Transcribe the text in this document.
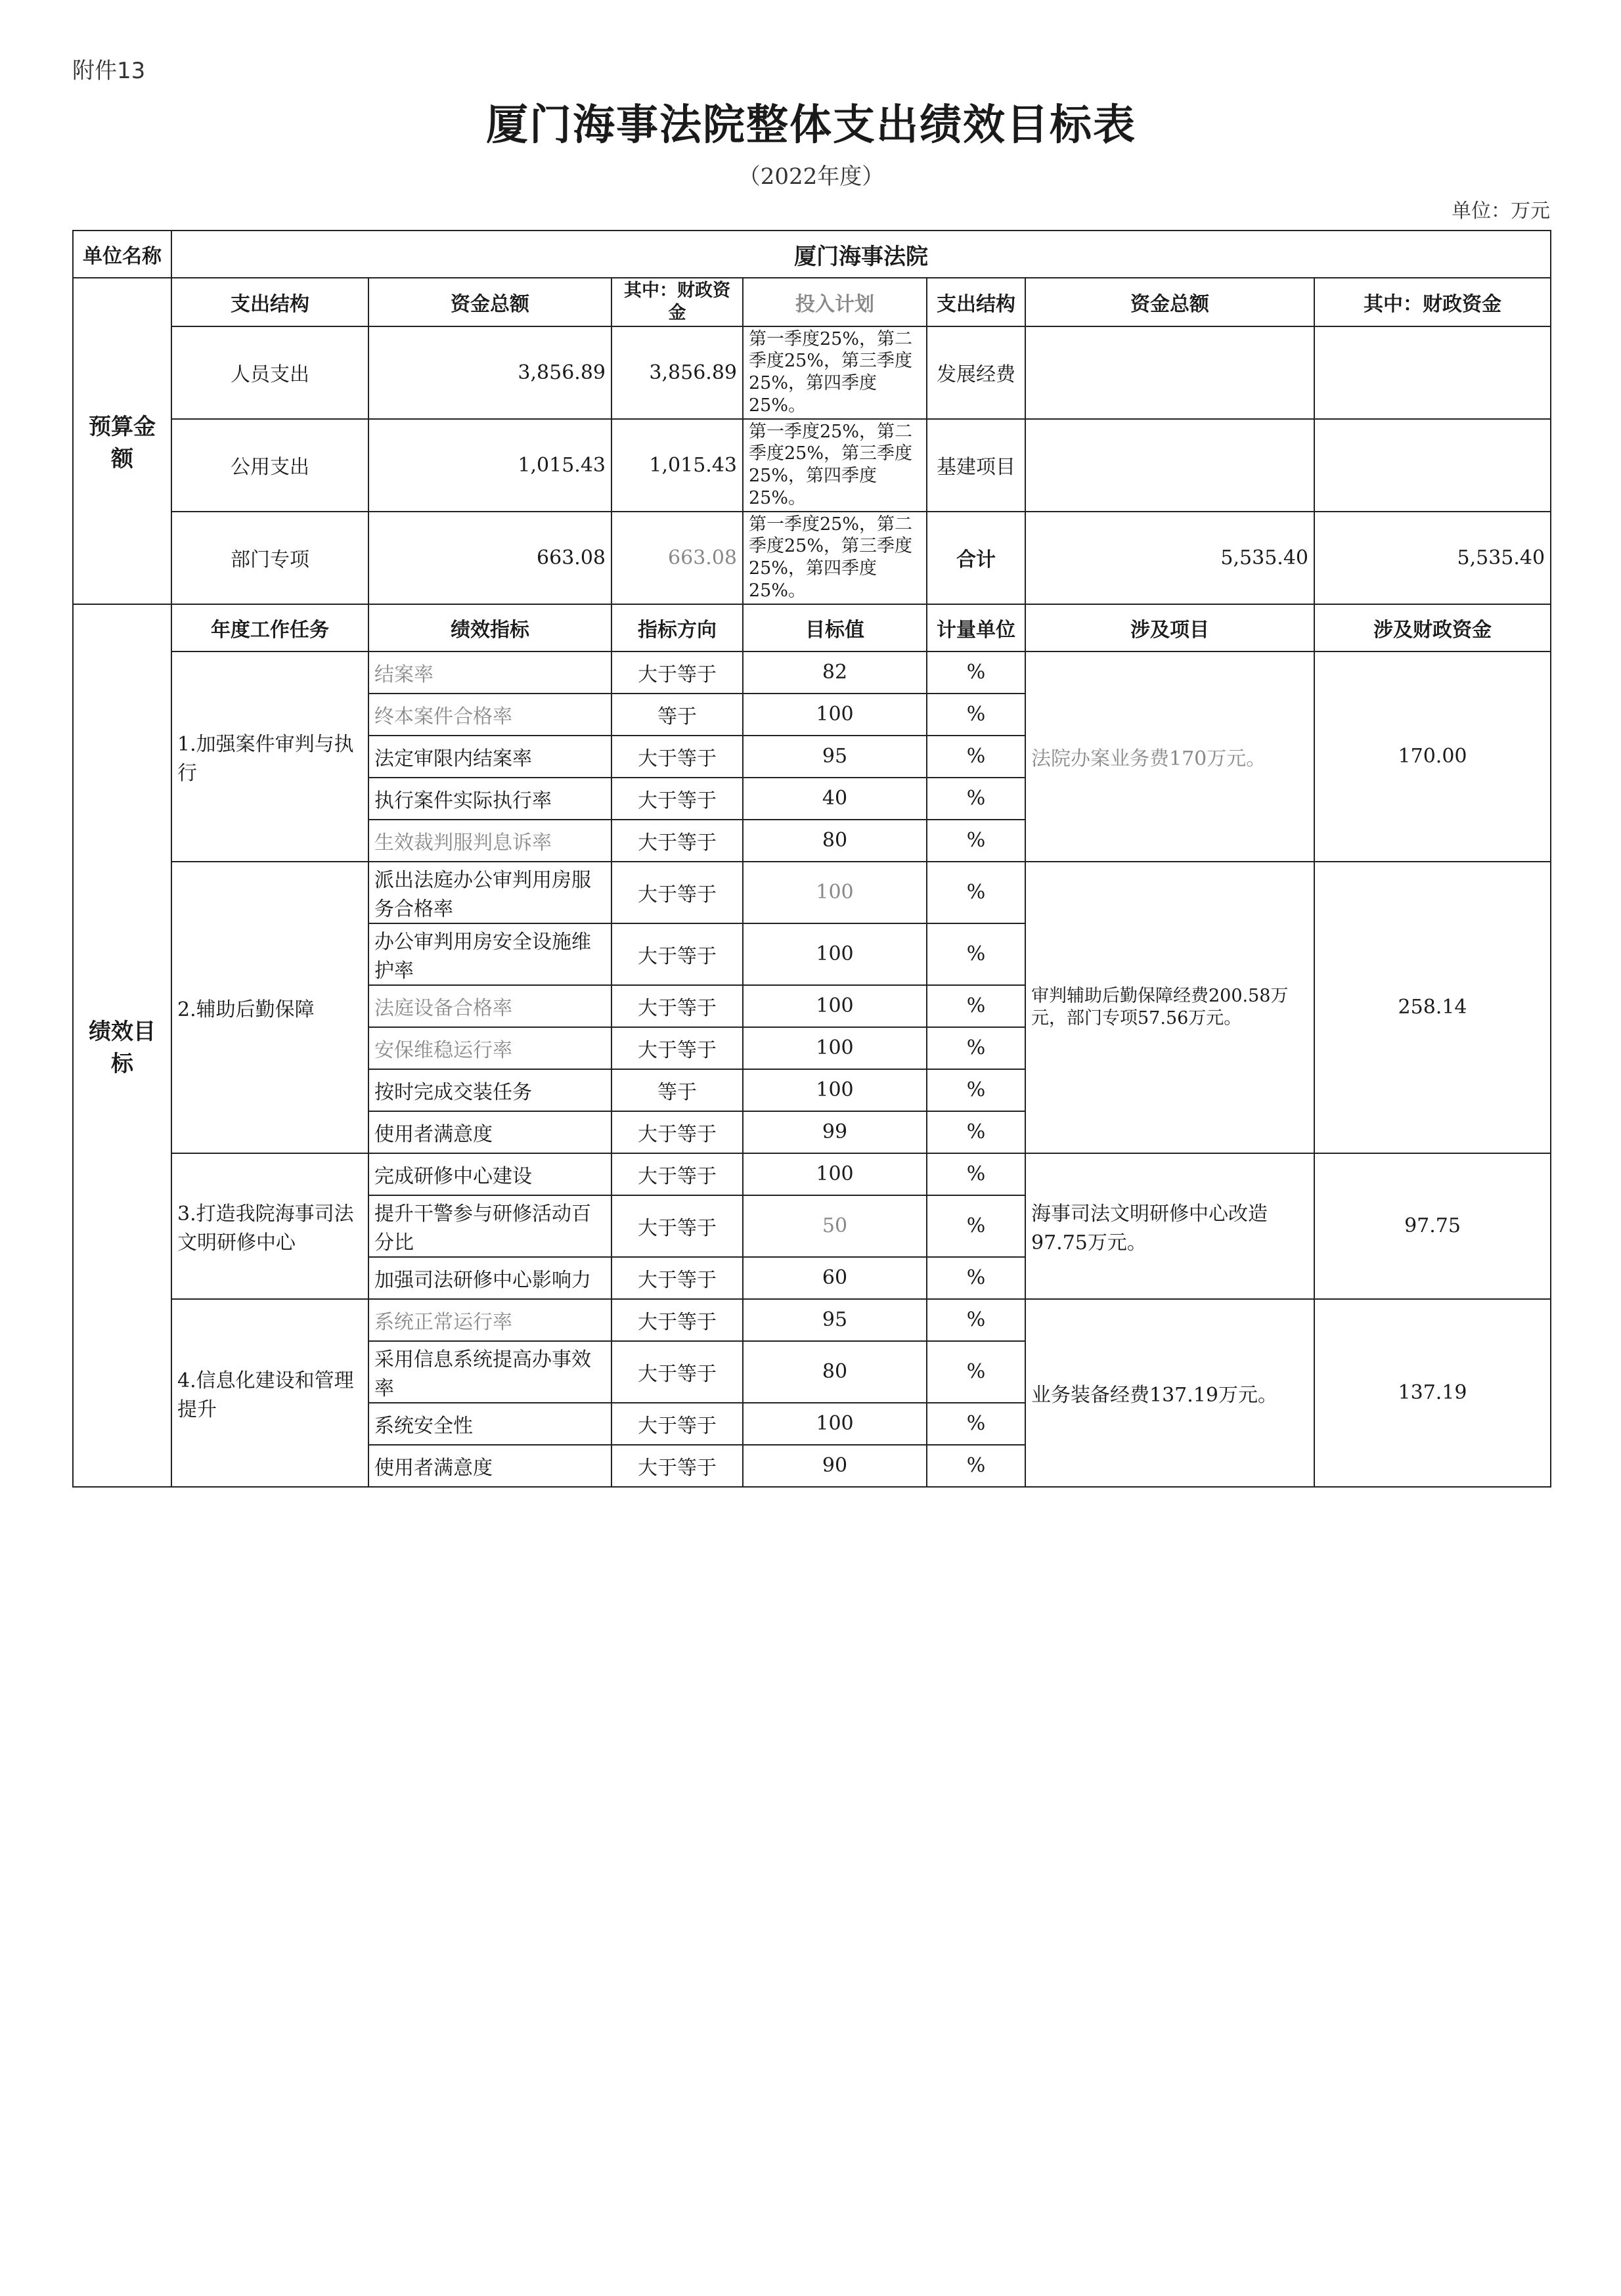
附件13
厦门海事法院整体支出绩效目标表
（2022年度）
单位：万元
单位名称	厦门海事法院						
预算金额	支出结构	资金总额	其中：财政资金	投入计划	支出结构	资金总额	其中：财政资金
	人员支出	3,856.89	3,856.89	第一季度25%，第二季度25%，第三季度25%，第四季度25%。	发展经费		
	公用支出	1,015.43	1,015.43	第一季度25%，第二季度25%，第三季度25%，第四季度25%。	基建项目		
	部门专项	663.08	663.08	第一季度25%，第二季度25%，第三季度25%，第四季度25%。	合计	5,535.40	5,535.40
绩效目标	年度工作任务	绩效指标	指标方向	目标值	计量单位	涉及项目	涉及财政资金
	1.加强案件审判与执行	结案率	大于等于	82	%	法院办案业务费170万元。	170.00
		终本案件合格率	等于	100	%		
		法定审限内结案率	大于等于	95	%		
		执行案件实际执行率	大于等于	40	%		
		生效裁判服判息诉率	大于等于	80	%		
	2.辅助后勤保障	派出法庭办公审判用房服务合格率	大于等于	100	%	审判辅助后勤保障经费200.58万元，部门专项57.56万元。	258.14
		办公审判用房安全设施维护率	大于等于	100	%		
		法庭设备合格率	大于等于	100	%		
		安保维稳运行率	大于等于	100	%		
		按时完成交装任务	等于	100	%		
		使用者满意度	大于等于	99	%		
	3.打造我院海事司法文明研修中心	完成研修中心建设	大于等于	100	%	海事司法文明研修中心改造97.75万元。	97.75
		提升干警参与研修活动百分比	大于等于	50	%		
		加强司法研修中心影响力	大于等于	60	%		
	4.信息化建设和管理提升	系统正常运行率	大于等于	95	%	业务装备经费137.19万元。	137.19
		采用信息系统提高办事效率	大于等于	80	%		
		系统安全性	大于等于	100	%		
		使用者满意度	大于等于	90	%		
